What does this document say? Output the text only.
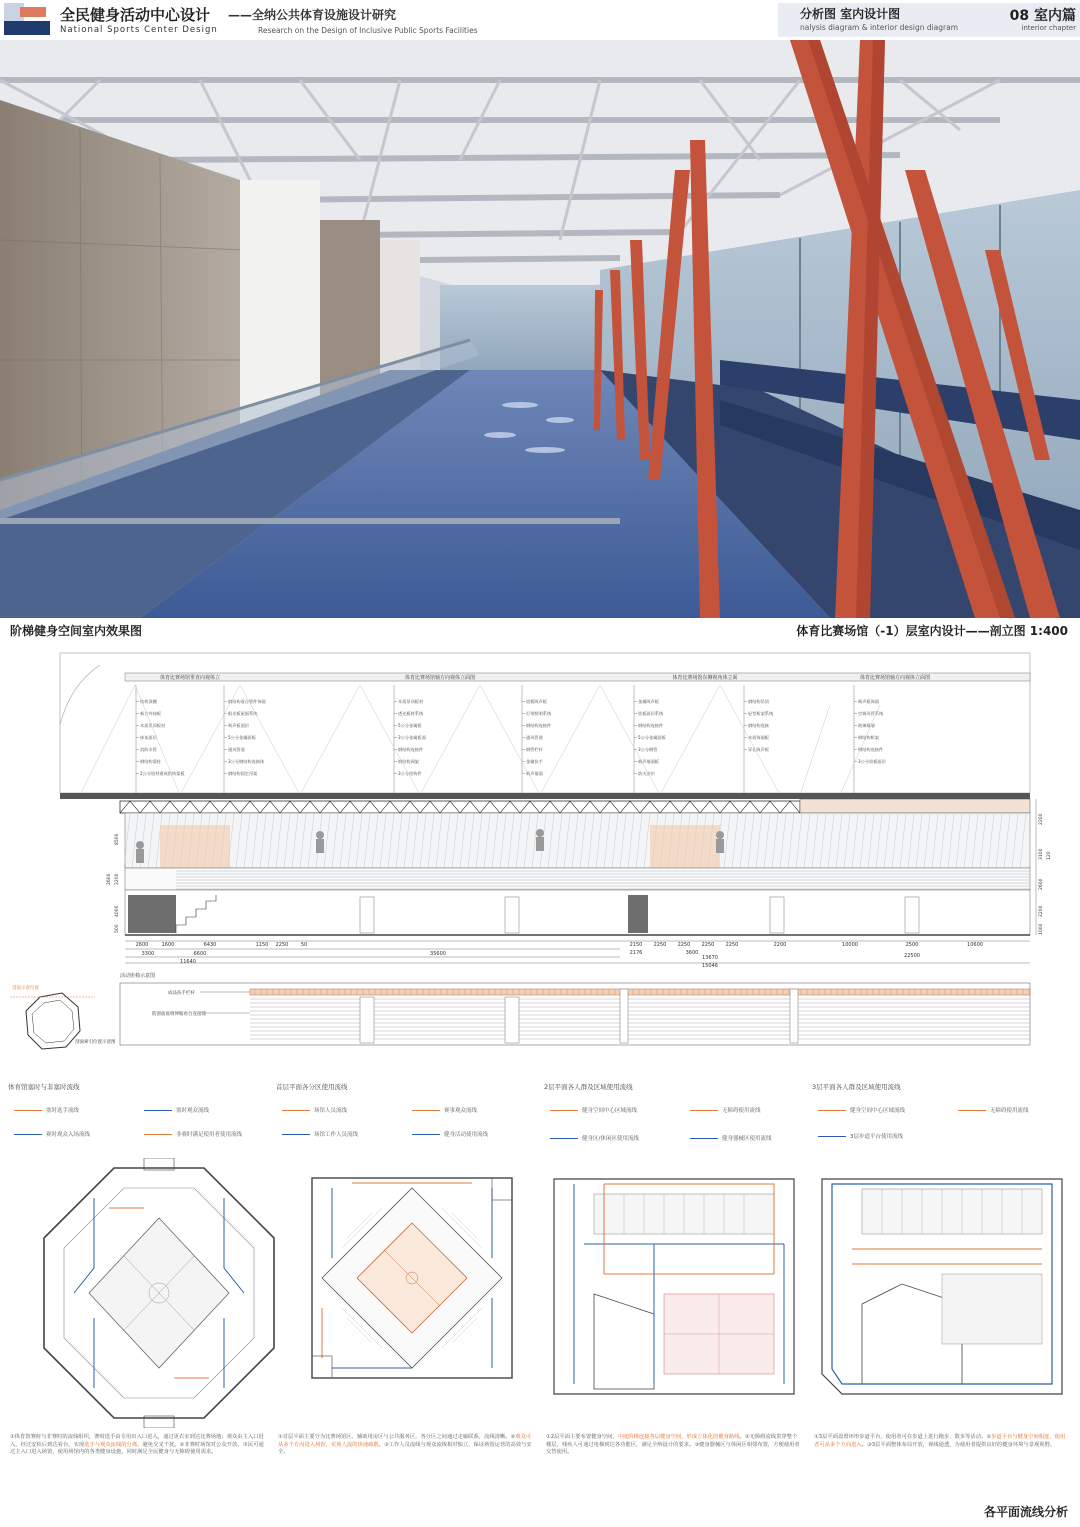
全民健身活动中心设计 ——全纳公共体育设施设计研究
National Sports Center Design	Research on the Design of Inclusive Public Sports Facilities
分析图 室内设计图
nalysis diagram & interior design diagram
08 室内篇
interior chapter
阶梯健身空间室内效果图	体育比赛场馆（-1）层室内设计——剖立图 1:400
体育比赛场馆垂直向视体立	体育比赛场馆轴方向视体立面图	体育比赛场馆东侧视角体立面	体育比赛场馆轴方向视体立面图
结构顶棚
新合外抹板
木质吊顶板材
抹灰面层
消防水管
钢结构梁柱
2公分铝材建筑铝构架板
钢结构看台管件饰面
阳光板屋面系统
吸声板面层
5公分金属面板
通风管道
3公分钢结构连接体
钢结构固定吊架
木质吊顶板材
透光板材系统
5公分金属板
3公分金属板面
钢结构连接件
钢结构网架
3公分铝构件
铝板吸声板
灯带照明系统
钢结构连接件
通风管道
钢管栏杆
金属扶手
吸声墙面
金属吸声板
铝板面层系统
钢结构连接件
5公分金属面板
3公分钢管
吸声墙面板
防火涂层
钢结构吊顶
轻型桁架系统
钢结构连接
木质饰面板
穿孔吸声板
吸声板饰面
空调风管系统
玻璃幕墙
钢结构桁架
钢结构连接件
3公分铝板面层
2600	1600	6430
3300	6600
11640
1150 2250 50
35600
2150 2250 2250 2250 2250	2200
2176	3600
13670
15046
10000	2500	10600
22500
8500
2200
2600
4000
500
2200
3100 120
2600
2200
1000
活动座椅示意图
成品扶手栏杆
防滑面座椅伸缩看台连接缝
剖面示意位置
剖面索引位置示意图
体育馆塞时与非塞时流线
塞时选手流线	塞时观众流线
赛时观众入场流线	非赛时满足使用者使用流线
①体育馆赛时与非赛时的流线组织，赛时选手由专用出入口进入，通过更衣室到达比赛场地；观众由主入口进入，经过安检后到达看台，实现选手与观众流线的分离，避免交叉干扰。②非赛时场馆对公众开放，市民可通过主入口进入场馆，使用场馆内的各类健身设施，同时满足全民健身与无障碍使用需求。
首层平面各分区使用流线
场馆人员流线	赛事观众流线
场馆工作人员流线	健身活动使用流线
①首层平面主要分为比赛场馆区、辅助用房区与公共服务区，各分区之间通过走廊联系，流线清晰。②观众可从多个方向进入场馆，实现人流的快速疏散。③工作人员流线与观众流线相对独立，保证场馆运营的高效与安全。
2层平面各人群及区域使用流线
健身空间中心区域流线	无障碍使用流线
健身区/休闲区使用流线	健身器械区使用流线
①2层平面主要布置健身空间，中庭阶梯连接各层健身空间，形成立体化的健身路线。②无障碍流线贯穿整个楼层，残疾人可通过电梯到达各功能区，满足全纳设计的要求。③健身器械区与休闲区相邻布置，方便使用者交替使用。
3层平面各人群及区域使用流线
健身空间中心区域流线	无障碍使用流线
3层步道平台使用流线
①3层平面设置环形步道平台，使用者可在步道上进行跑步、散步等活动。②步道平台与健身空间相连，使用者可从多个方向进入。③3层平面整体布局开放，视线通透，为使用者提供良好的健身环境与景观视野。
各平面流线分析
